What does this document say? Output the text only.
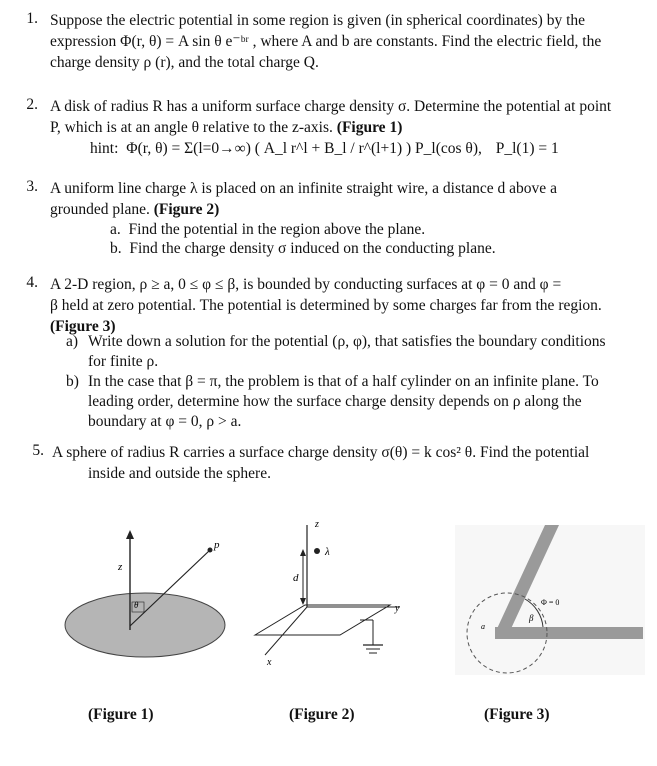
1. Suppose the electric potential in some region is given (in spherical coordinates) by the
expression Φ(r, θ) = A sin θ e⁻ᵇʳ , where A and b are constants. Find the electric field, the
charge density ρ (r), and the total charge Q.
2. A disk of radius R has a uniform surface charge density σ. Determine the potential at point
P, which is at an angle θ relative to the z-axis. (Figure 1)
hint: Φ(r, θ) = Σ(l=0→∞) ( A_l r^l + B_l / r^(l+1) ) P_l(cos θ), P_l(1) = 1
3. A uniform line charge λ is placed on an infinite straight wire, a distance d above a
grounded plane. (Figure 2)
a. Find the potential in the region above the plane.
b. Find the charge density σ induced on the conducting plane.
4. A 2-D region, ρ ≥ a, 0 ≤ φ ≤ β, is bounded by conducting surfaces at φ = 0 and φ =
β held at zero potential. The potential is determined by some charges far from the region.
(Figure 3)
a) Write down a solution for the potential (ρ, φ), that satisfies the boundary conditions
for finite ρ.
b) In the case that β = π, the problem is that of a half cylinder on an infinite plane. To
leading order, determine how the surface charge density depends on ρ along the
boundary at φ = 0, ρ > a.
5. A sphere of radius R carries a surface charge density σ(θ) = k cos² θ. Find the potential
inside and outside the sphere.
z
p
θ
z
λ
d
y
x
Φ = 0
β
a
(Figure 1)	(Figure 2)	(Figure 3)
